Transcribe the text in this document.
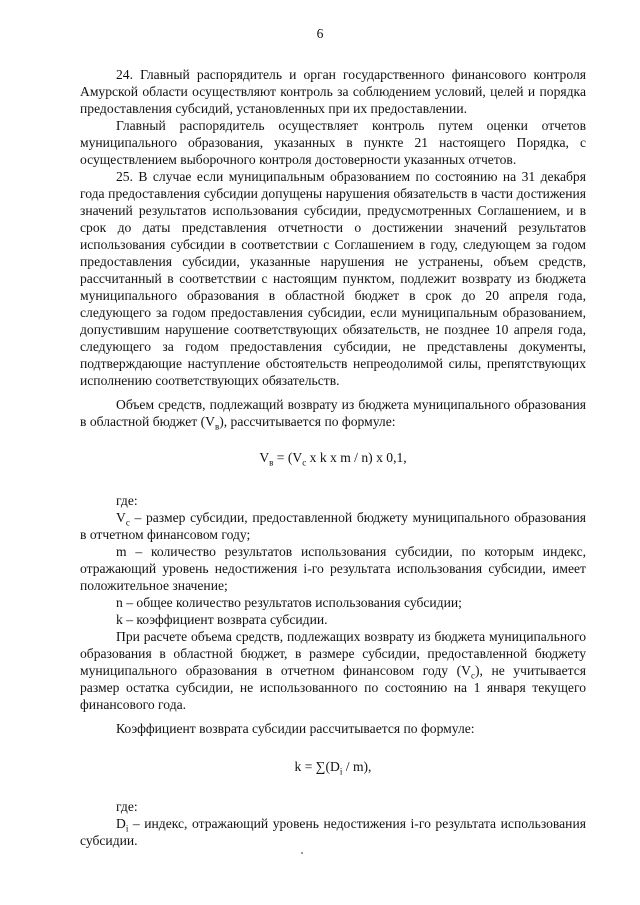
6

24. Главный распорядитель и орган государственного финансового контроля Амурской области осуществляют контроль за соблюдением условий, целей и порядка предоставления субсидий, установленных при их предоставлении.

Главный распорядитель осуществляет контроль путем оценки отчетов муниципального образования, указанных в пункте 21 настоящего Порядка, с осуществлением выборочного контроля достоверности указанных отчетов.

25. В случае если муниципальным образованием по состоянию на 31 декабря года предоставления субсидии допущены нарушения обязательств в части достижения значений результатов использования субсидии, предусмотренных Соглашением, и в срок до даты представления отчетности о достижении значений результатов использования субсидии в соответствии с Соглашением в году, следующем за годом предоставления субсидии, указанные нарушения не устранены, объем средств, рассчитанный в соответствии с настоящим пунктом, подлежит возврату из бюджета муниципального образования в областной бюджет в срок до 20 апреля года, следующего за годом предоставления субсидии, если муниципальным образованием, допустившим нарушение соответствующих обязательств, не позднее 10 апреля года, следующего за годом предоставления субсидии, не представлены документы, подтверждающие наступление обстоятельств непреодолимой силы, препятствующих исполнению соответствующих обязательств.

Объем средств, подлежащий возврату из бюджета муниципального образования в областной бюджет $(V_в)$, рассчитывается по формуле:

$V_в = (V_c$ x k x m / n) x 0,1,

где:

$V_c$ – размер субсидии, предоставленной бюджету муниципального образования в отчетном финансовом году;

m – количество результатов использования субсидии, по которым индекс, отражающий уровень недостижения i-го результата использования субсидии, имеет положительное значение;

n – общее количество результатов использования субсидии;

k – коэффициент возврата субсидии.

При расчете объема средств, подлежащих возврату из бюджета муниципального образования в областной бюджет, в размере субсидии, предоставленной бюджету муниципального образования в отчетном финансовом году $(V_c)$, не учитывается размер остатка субсидии, не использованного по состоянию на 1 января текущего финансового года.

Коэффициент возврата субсидии рассчитывается по формуле:

$k = \sum(D_i / m)$,

где:

$D_i$ – индекс, отражающий уровень недостижения i-го результата использования субсидии.
